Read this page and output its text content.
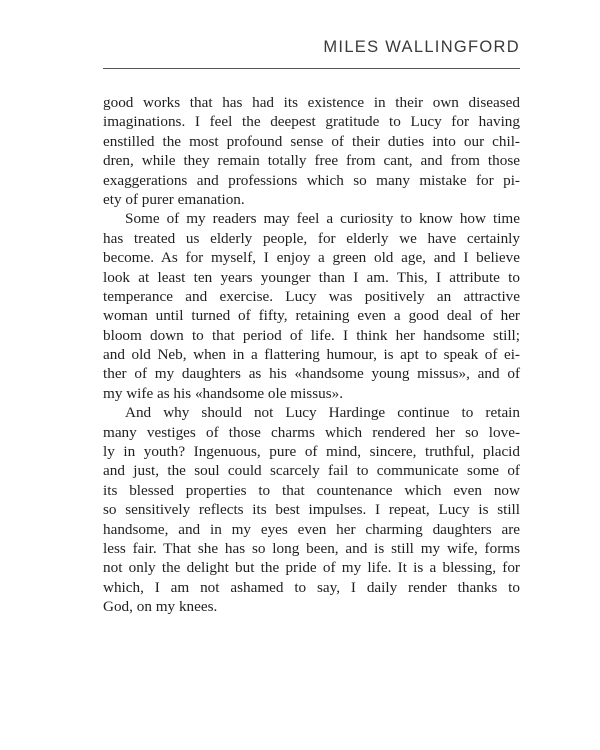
MILES WALLINGFORD
good works that has had its existence in their own diseased
imaginations. I feel the deepest gratitude to Lucy for having
enstilled the most profound sense of their duties into our chil-
dren, while they remain totally free from cant, and from those
exaggerations and professions which so many mistake for pi-
ety of purer emanation.
Some of my readers may feel a curiosity to know how time
has treated us elderly people, for elderly we have certainly
become. As for myself, I enjoy a green old age, and I believe
look at least ten years younger than I am. This, I attribute to
temperance and exercise. Lucy was positively an attractive
woman until turned of fifty, retaining even a good deal of her
bloom down to that period of life. I think her handsome still;
and old Neb, when in a flattering humour, is apt to speak of ei-
ther of my daughters as his «handsome young missus», and of
my wife as his «handsome ole missus».
And why should not Lucy Hardinge continue to retain
many vestiges of those charms which rendered her so love-
ly in youth? Ingenuous, pure of mind, sincere, truthful, placid
and just, the soul could scarcely fail to communicate some of
its blessed properties to that countenance which even now
so sensitively reflects its best impulses. I repeat, Lucy is still
handsome, and in my eyes even her charming daughters are
less fair. That she has so long been, and is still my wife, forms
not only the delight but the pride of my life. It is a blessing, for
which, I am not ashamed to say, I daily render thanks to
God, on my knees.
